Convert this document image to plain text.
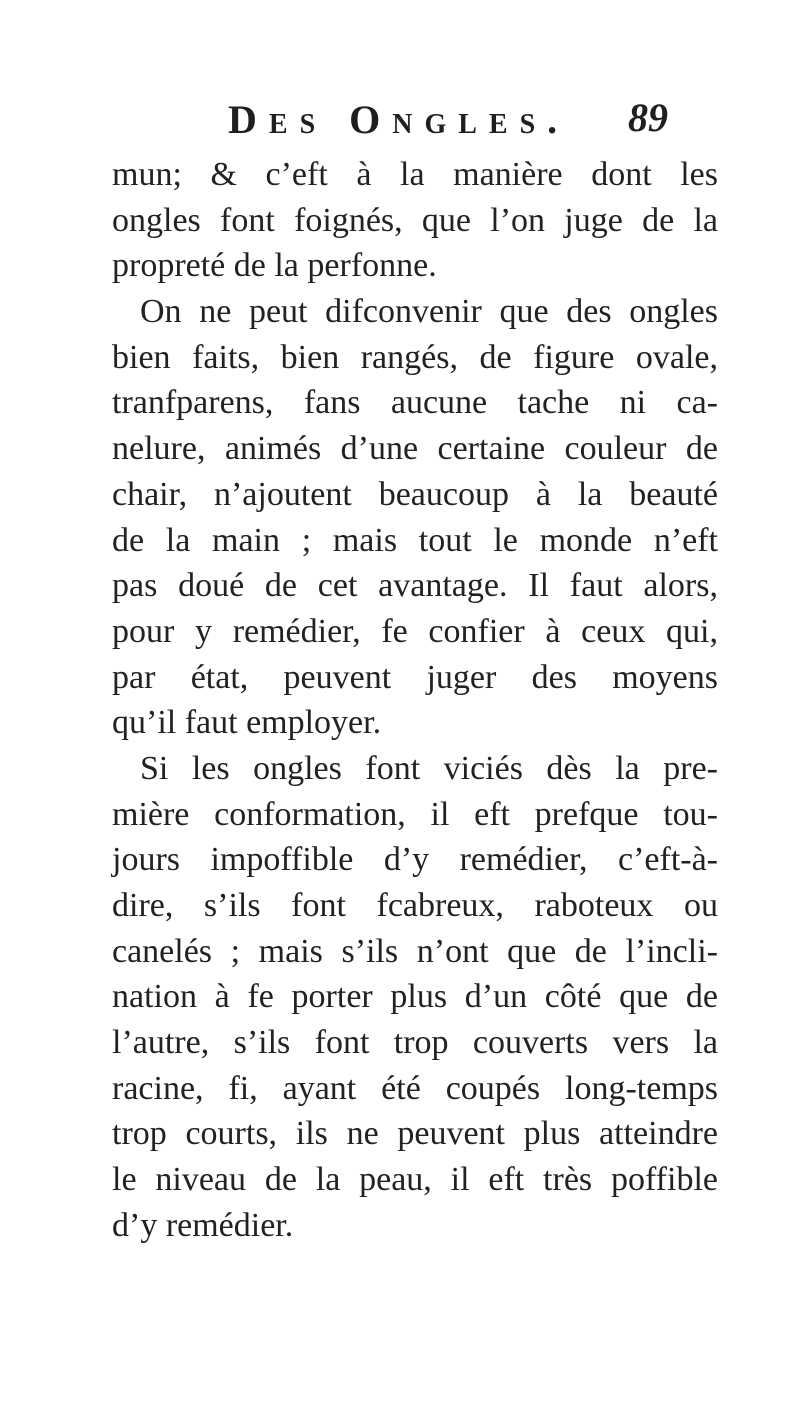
Des Ongles. 89
mun; & c’eft à la manière dont les
ongles font foignés, que l’on juge de la
propreté de la perfonne.
On ne peut difconvenir que des ongles
bien faits, bien rangés, de figure ovale,
tranfparens, fans aucune tache ni ca-
nelure, animés d’une certaine couleur de
chair, n’ajoutent beaucoup à la beauté
de la main ; mais tout le monde n’eft
pas doué de cet avantage. Il faut alors,
pour y remédier, fe confier à ceux qui,
par état, peuvent juger des moyens
qu’il faut employer.
Si les ongles font viciés dès la pre-
mière conformation, il eft prefque tou-
jours impoffible d’y remédier, c’eft-à-
dire, s’ils font fcabreux, raboteux ou
canelés ; mais s’ils n’ont que de l’incli-
nation à fe porter plus d’un côté que de
l’autre, s’ils font trop couverts vers la
racine, fi, ayant été coupés long-temps
trop courts, ils ne peuvent plus atteindre
le niveau de la peau, il eft très poffible
d’y remédier.
